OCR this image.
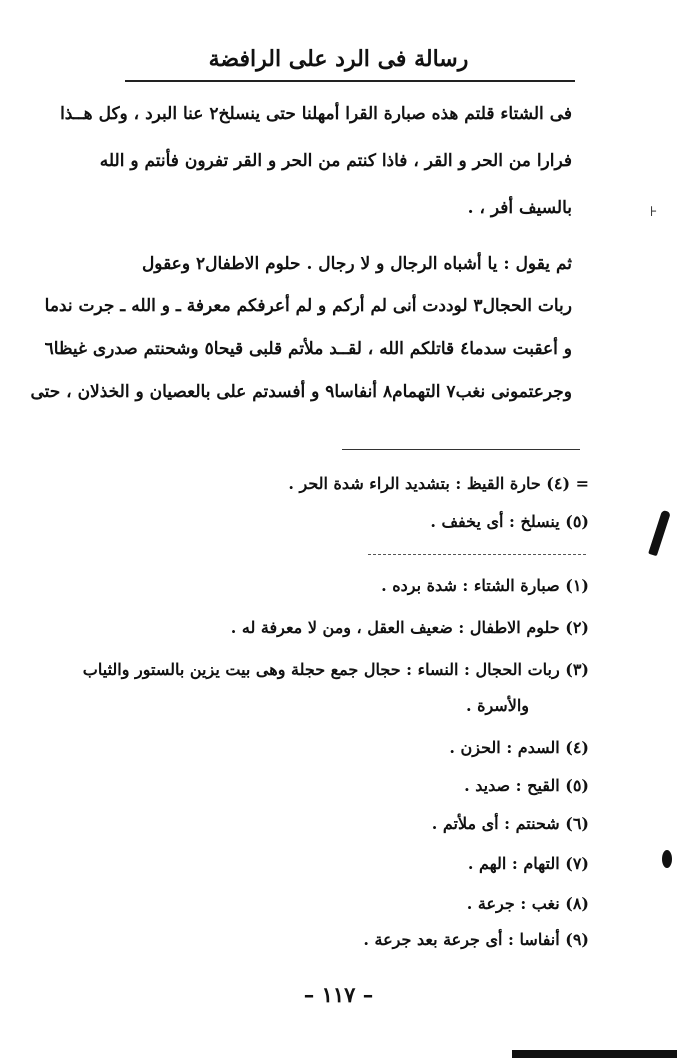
رسالة فى الرد على الرافضة
فى الشتاء قلتم هذه صبارة القرا أمهلنا حتى ينسلخ٢ عنا البرد ، وكل هــذا
فرارا من الحر و القر ، فاذا كنتم من الحر و القر تفرون فأنتم و الله
بالسيف أفر ، .
ثم يقول : يا أشباه الرجال و لا رجال . حلوم الاطفال٢ وعقول
ربات الحجال٣ لوددت أنى لم أركم و لم أعرفكم معرفة ـ و الله ـ جرت ندما
و أعقبت سدما٤ قاتلكم الله ، لقــد ملأتم قلبى قيحا٥ وشحنتم صدرى غيظا٦
وجرعتمونى نغب٧ التهمام٨ أنفاسا٩ و أفسدتم على بالعصيان و الخذلان ، حتى
= (٤) حارة القيظ : بتشديد الراء شدة الحر .
(٥) ينسلخ : أى يخفف .
(١) صبارة الشتاء : شدة برده .
(٢) حلوم الاطفال : ضعيف العقل ، ومن لا معرفة له .
(٣) ربات الحجال : النساء : حجال جمع حجلة وهى بيت يزين بالستور والثياب
والأسرة .
(٤) السدم : الحزن .
(٥) القيح : صديد .
(٦) شحنتم : أى ملأتم .
(٧) التهام : الهم .
(٨) نغب : جرعة .
(٩) أنفاسا : أى جرعة بعد جرعة .
– ١١٧ –
⊦
